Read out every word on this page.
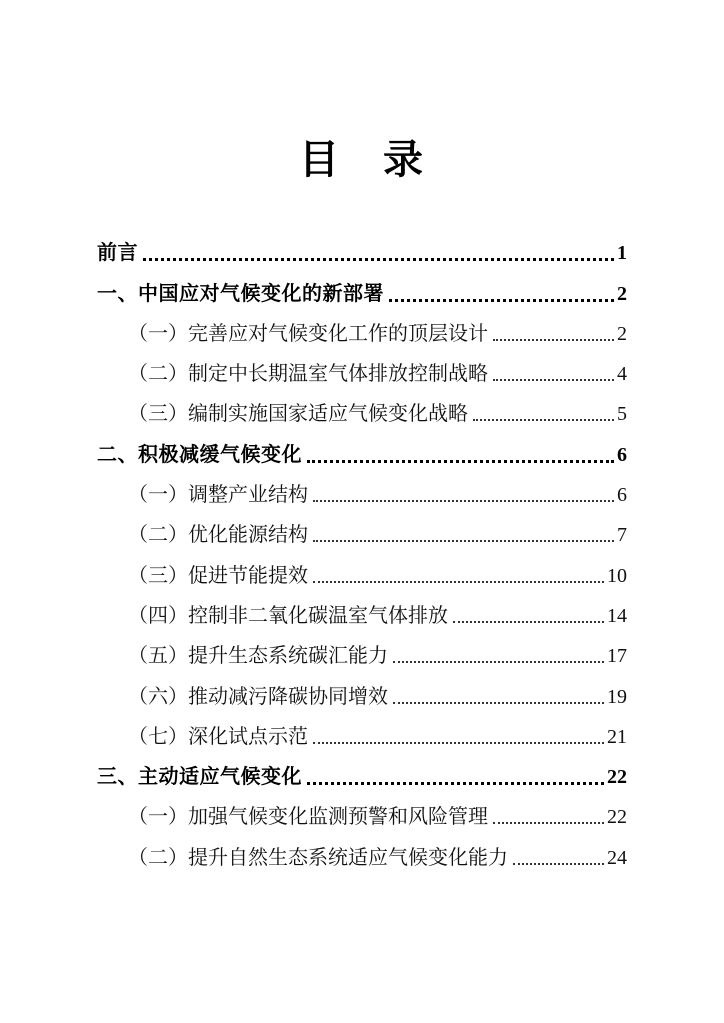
目　录
前言	1
一、中国应对气候变化的新部署	2
（一）完善应对气候变化工作的顶层设计	2
（二）制定中长期温室气体排放控制战略	4
（三）编制实施国家适应气候变化战略	5
二、积极减缓气候变化	6
（一）调整产业结构	6
（二）优化能源结构	7
（三）促进节能提效	10
（四）控制非二氧化碳温室气体排放	14
（五）提升生态系统碳汇能力	17
（六）推动减污降碳协同增效	19
（七）深化试点示范	21
三、主动适应气候变化	22
（一）加强气候变化监测预警和风险管理	22
（二）提升自然生态系统适应气候变化能力	24
